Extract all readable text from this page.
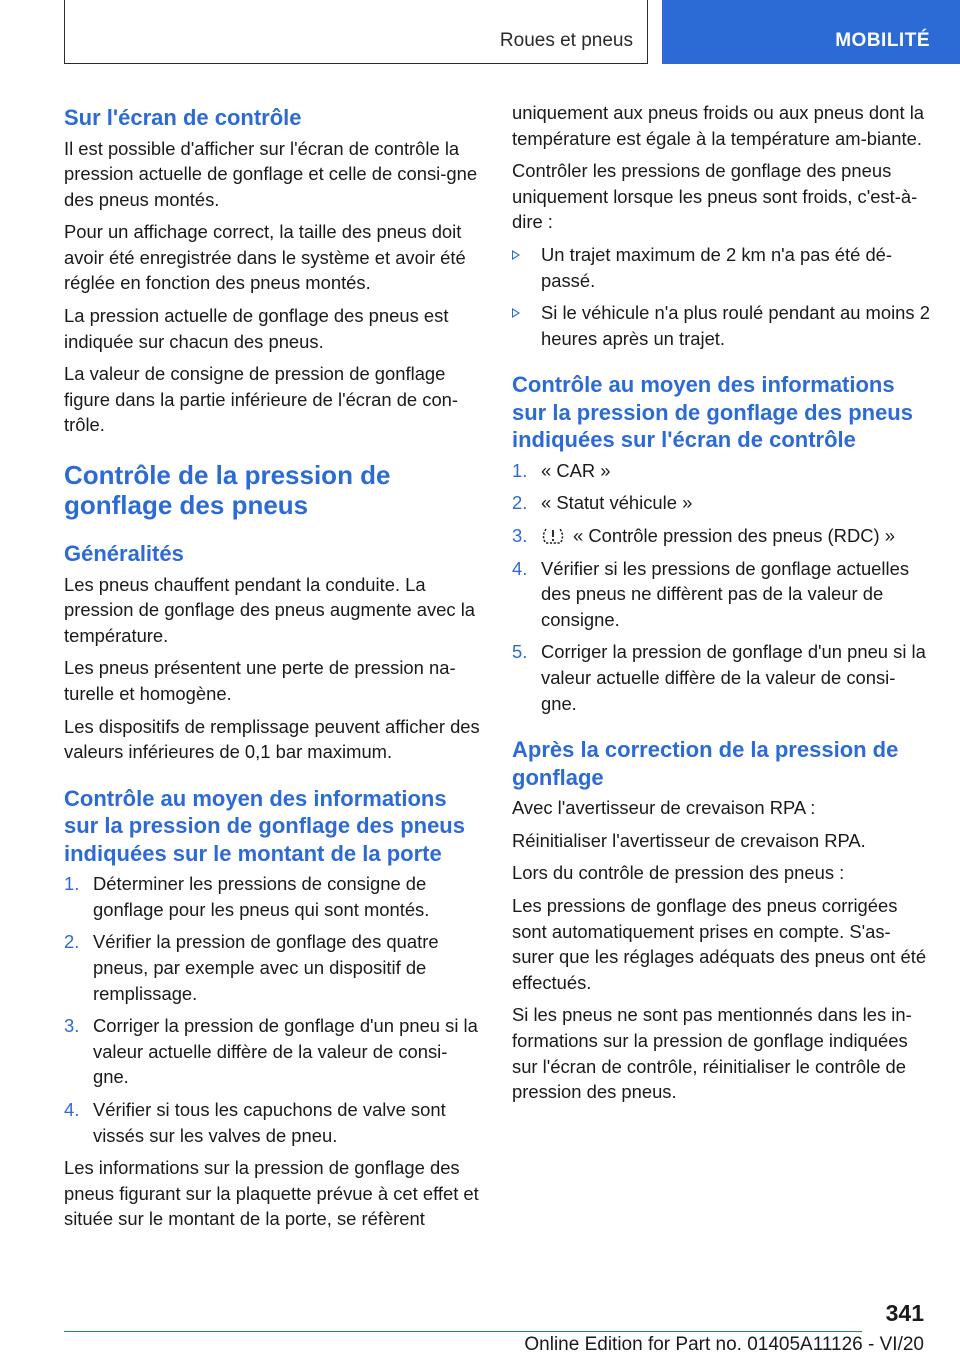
Roues et pneus	MOBILITÉ
Sur l'écran de contrôle

Il est possible d'afficher sur l'écran de contrôle la pression actuelle de gonflage et celle de consi-gne des pneus montés.

Pour un affichage correct, la taille des pneus doit avoir été enregistrée dans le système et avoir été réglée en fonction des pneus montés.

La pression actuelle de gonflage des pneus est indiquée sur chacun des pneus.

La valeur de consigne de pression de gonflage figure dans la partie inférieure de l'écran de con-trôle.

Contrôle de la pression de gonflage des pneus
Généralités

Les pneus chauffent pendant la conduite. La pression de gonflage des pneus augmente avec la température.

Les pneus présentent une perte de pression na-turelle et homogène.

Les dispositifs de remplissage peuvent afficher des valeurs inférieures de 0,1 bar maximum.

Contrôle au moyen des informations sur la pression de gonflage des pneus indiquées sur le montant de la porte
1. Déterminer les pressions de consigne de gonflage pour les pneus qui sont montés.
2. Vérifier la pression de gonflage des quatre pneus, par exemple avec un dispositif de remplissage.
3. Corriger la pression de gonflage d'un pneu si la valeur actuelle diffère de la valeur de consi-gne.
4. Vérifier si tous les capuchons de valve sont vissés sur les valves de pneu.

Les informations sur la pression de gonflage des pneus figurant sur la plaquette prévue à cet effet et située sur le montant de la porte, se réfèrent

uniquement aux pneus froids ou aux pneus dont la température est égale à la température am-biante.

Contrôler les pressions de gonflage des pneus uniquement lorsque les pneus sont froids, c'est-à-dire :

Un trajet maximum de 2 km n'a pas été dé-passé.
Si le véhicule n'a plus roulé pendant au moins 2 heures après un trajet.
Contrôle au moyen des informations sur la pression de gonflage des pneus indiquées sur l'écran de contrôle
1. « CAR »
2. « Statut véhicule »
3. « Contrôle pression des pneus (RDC) »
4. Vérifier si les pressions de gonflage actuelles des pneus ne diffèrent pas de la valeur de consigne.
5. Corriger la pression de gonflage d'un pneu si la valeur actuelle diffère de la valeur de consi-gne.
Après la correction de la pression de gonflage

Avec l'avertisseur de crevaison RPA :

Réinitialiser l'avertisseur de crevaison RPA.

Lors du contrôle de pression des pneus :

Les pressions de gonflage des pneus corrigées sont automatiquement prises en compte. S'as-surer que les réglages adéquats des pneus ont été effectués.

Si les pneus ne sont pas mentionnés dans les in-formations sur la pression de gonflage indiquées sur l'écran de contrôle, réinitialiser le contrôle de pression des pneus.

341
Online Edition for Part no. 01405A11126 - VI/20
